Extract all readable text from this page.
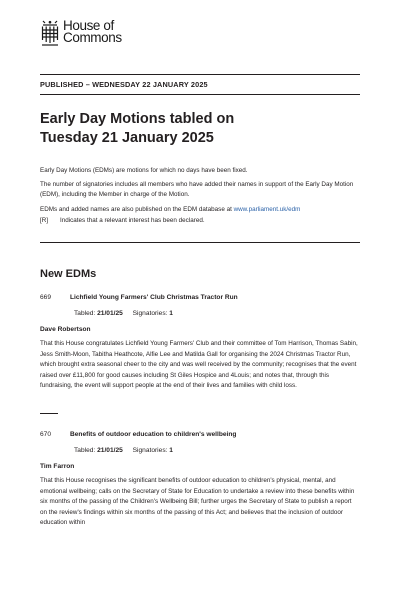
House of
Commons
PUBLISHED – WEDNESDAY 22 JANUARY 2025
Early Day Motions tabled on
Tuesday 21 January 2025
Early Day Motions (EDMs) are motions for which no days have been fixed.
The number of signatories includes all members who have added their names in support of the Early Day Motion (EDM), including the Member in charge of the Motion.
EDMs and added names are also published on the EDM database at www.parliament.uk/edm
[R] Indicates that a relevant interest has been declared.
New EDMs
669	Lichfield Young Farmers' Club Christmas Tractor Run
Tabled: 21/01/25 Signatories: 1
Dave Robertson
That this House congratulates Lichfield Young Farmers' Club and their committee of Tom Harrison, Thomas Sabin, Jess Smith-Moon, Tabitha Heathcote, Alfie Lee and Matilda Gall for organising the 2024 Christmas Tractor Run, which brought extra seasonal cheer to the city and was well received by the community; recognises that the event raised over £11,800 for good causes including St Giles Hospice and 4Louis; and notes that, through this fundraising, the event will support people at the end of their lives and families with child loss.
670	Benefits of outdoor education to children's wellbeing
Tabled: 21/01/25 Signatories: 1
Tim Farron
That this House recognises the significant benefits of outdoor education to children's physical, mental, and emotional wellbeing; calls on the Secretary of State for Education to undertake a review into these benefits within six months of the passing of the Children's Wellbeing Bill; further urges the Secretary of State to publish a report on the review's findings within six months of the passing of this Act; and believes that the inclusion of outdoor education within
